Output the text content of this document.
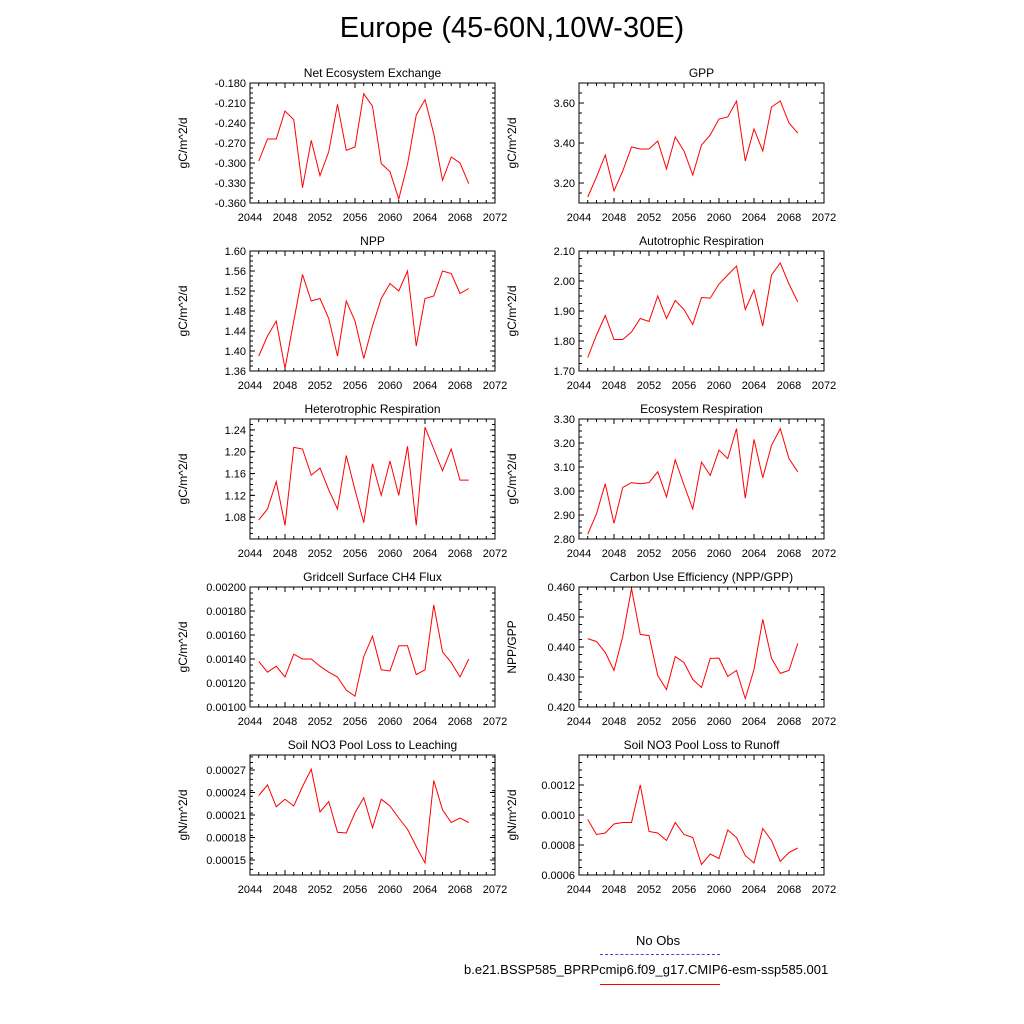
Europe (45-60N,10W-30E)
Net Ecosystem Exchange
gC/m^2/d
2044 2048 2052 2056 2060 2064 2068 2072
-0.180
-0.210
-0.240
-0.270
-0.300
-0.330
-0.360
GPP
gC/m^2/d
2044 2048 2052 2056 2060 2064 2068 2072
3.60
3.40
3.20
NPP
gC/m^2/d
2044 2048 2052 2056 2060 2064 2068 2072
1.60
1.56
1.52
1.48
1.44
1.40
1.36
Autotrophic Respiration
gC/m^2/d
2044 2048 2052 2056 2060 2064 2068 2072
2.10
2.00
1.90
1.80
1.70
Heterotrophic Respiration
gC/m^2/d
2044 2048 2052 2056 2060 2064 2068 2072
1.24
1.20
1.16
1.12
1.08
Ecosystem Respiration
gC/m^2/d
2044 2048 2052 2056 2060 2064 2068 2072
3.30
3.20
3.10
3.00
2.90
2.80
Gridcell Surface CH4 Flux
gC/m^2/d
2044 2048 2052 2056 2060 2064 2068 2072
0.00200
0.00180
0.00160
0.00140
0.00120
0.00100
Carbon Use Efficiency (NPP/GPP)
NPP/GPP
2044 2048 2052 2056 2060 2064 2068 2072
0.460
0.450
0.440
0.430
0.420
Soil NO3 Pool Loss to Leaching
gN/m^2/d
2044 2048 2052 2056 2060 2064 2068 2072
0.00027
0.00024
0.00021
0.00018
0.00015
Soil NO3 Pool Loss to Runoff
gN/m^2/d
2044 2048 2052 2056 2060 2064 2068 2072
0.0012
0.0010
0.0008
0.0006
No Obs
b.e21.BSSP585_BPRPcmip6.f09_g17.CMIP6-esm-ssp585.001
